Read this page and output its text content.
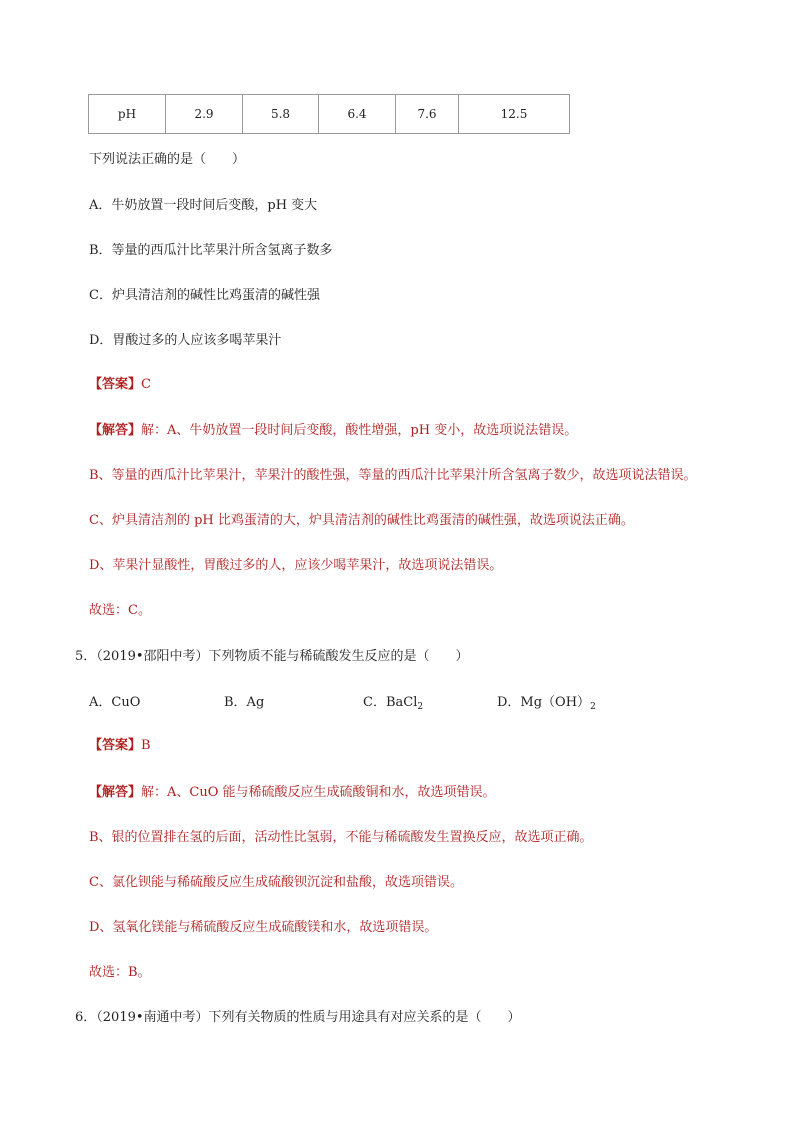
pH	2.9	5.8	6.4	7.6	12.5
下列说法正确的是（　　）
A．牛奶放置一段时间后变酸，pH 变大
B．等量的西瓜汁比苹果汁所含氢离子数多
C．炉具清洁剂的碱性比鸡蛋清的碱性强
D．胃酸过多的人应该多喝苹果汁
【答案】C
【解答】解：A、牛奶放置一段时间后变酸，酸性增强，pH 变小，故选项说法错误。
B、等量的西瓜汁比苹果汁，苹果汁的酸性强，等量的西瓜汁比苹果汁所含氢离子数少，故选项说法错误。
C、炉具清洁剂的 pH 比鸡蛋清的大，炉具清洁剂的碱性比鸡蛋清的碱性强，故选项说法正确。
D、苹果汁显酸性，胃酸过多的人，应该少喝苹果汁，故选项说法错误。
故选：C。
5．（2019•邵阳中考）下列物质不能与稀硫酸发生反应的是（　　）
A．CuO	B．Ag	C．BaCl$_2$	D．$Mg(OH)_2$
【答案】B
【解答】解：A、CuO 能与稀硫酸反应生成硫酸铜和水，故选项错误。
B、银的位置排在氢的后面，活动性比氢弱，不能与稀硫酸发生置换反应，故选项正确。
C、氯化钡能与稀硫酸反应生成硫酸钡沉淀和盐酸，故选项错误。
D、氢氧化镁能与稀硫酸反应生成硫酸镁和水，故选项错误。
故选：B。
6．（2019•南通中考）下列有关物质的性质与用途具有对应关系的是（　　）
